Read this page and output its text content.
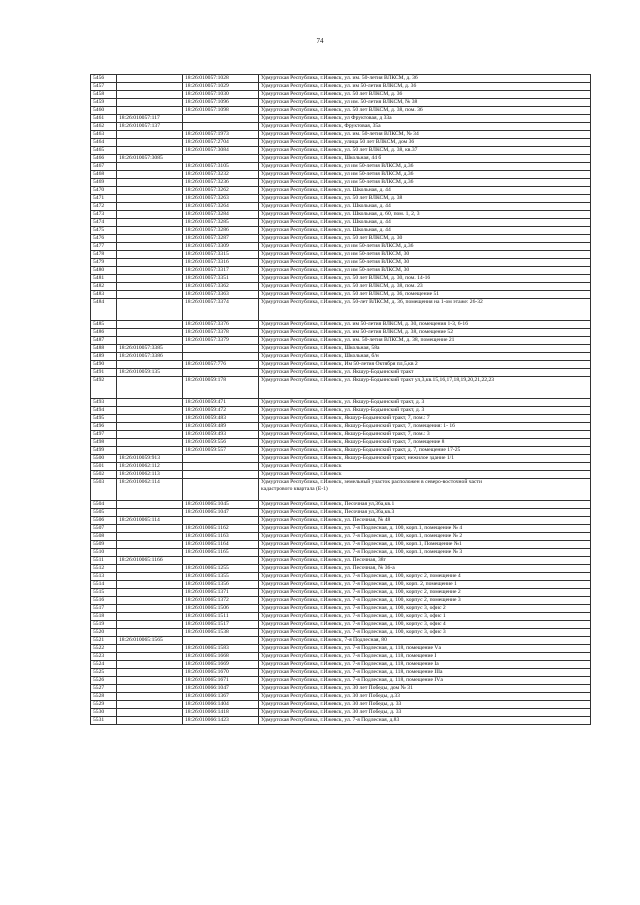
74
5456		18:26:010057:1028	Удмуртская Республика, г.Ижевск, ул. им. 50-летия ВЛКСМ, д. 36
5457		18:26:010057:1029	Удмуртская Республика, г.Ижевск, ул. им 50-летия ВЛКСМ, д. 36
5458		18:26:010057:1030	Удмуртская Республика, г.Ижевск, ул. 50 лет ВЛКСМ, д. 36
5459		18:26:010057:1096	Удмуртская Республика, г.Ижевск, ул им. 50-летия ВЛКСМ, № 38
5460		18:26:010057:1098	Удмуртская Республика, г.Ижевск, ул. 50 лет ВЛКСМ, д. 38, пом. 36
5461	18:26:010057:117		Удмуртская Республика, г.Ижевск, ул Фруктовая, д 33а
5462	18:26:010057:137		Удмуртская Республика, г.Ижевск, Фруктовая, 35а
5463		18:26:010057:1973	Удмуртская Республика, г.Ижевск, ул. им. 50-летия ВЛКСМ, № 34
5464		18:26:010057:2704	Удмуртская Республика, г.Ижевск, улица 50 лет ВЛКСМ, дом 36
5465		18:26:010057:3084	Удмуртская Республика, г.Ижевск, ул. 50 лет ВЛКСМ, д. 38, кв.37
5466	18:26:010057:3085		Удмуртская Республика, г.Ижевск, Школьная, 44 б
5467		18:26:010057:3105	Удмуртская Республика, г.Ижевск, ул им 50-летия ВЛКСМ, д.36
5468		18:26:010057:3232	Удмуртская Республика, г.Ижевск, ул им 50-летия ВЛКСМ, д.36
5469		18:26:010057:3236	Удмуртская Республика, г.Ижевск, ул им 50-летия ВЛКСМ, д.36
5470		18:26:010057:3262	Удмуртская Республика, г.Ижевск, ул. Школьная, д. 44
5471		18:26:010057:3263	Удмуртская Республика, г.Ижевск, ул. 50 лет ВЛКСМ, д. 38
5472		18:26:010057:3264	Удмуртская Республика, г.Ижевск, ул. Школьная, д. 44
5473		18:26:010057:3284	Удмуртская Республика, г.Ижевск, ул. Школьная, д. 60, пом. 1, 2, 3
5474		18:26:010057:3285	Удмуртская Республика, г.Ижевск, ул. Школьная, д. 44
5475		18:26:010057:3286	Удмуртская Республика, г.Ижевск, ул. Школьная, д. 44
5476		18:26:010057:3287	Удмуртская Республика, г.Ижевск, ул. 50 лет ВЛКСМ, д. 30
5477		18:26:010057:3309	Удмуртская Республика, г.Ижевск, ул им 50-летия ВЛКСМ, д.36
5478		18:26:010057:3315	Удмуртская Республика, г.Ижевск, ул им 50-летия ВЛКСМ, 30
5479		18:26:010057:3316	Удмуртская Республика, г.Ижевск, ул им 50-летия ВЛКСМ, 30
5480		18:26:010057:3317	Удмуртская Республика, г.Ижевск, ул им 50-летия ВЛКСМ, 30
5481		18:26:010057:3351	Удмуртская Республика, г.Ижевск, ул. 50 лет ВЛКСМ, д. 30, пом. 14-16
5482		18:26:010057:3362	Удмуртская Республика, г.Ижевск, ул. 50 лет ВЛКСМ, д. 38, пом. 23
5483		18:26:010057:3363	Удмуртская Республика, г.Ижевск, ул. 50 лет ВЛКСМ, д. 36, помещение 51
5484		18:26:010057:3374	Удмуртская Республика, г.Ижевск, ул. 50-лет ВЛКСМ, д. 36, помещения на 1-ом этаже: 26-32
5485		18:26:010057:3376	Удмуртская Республика, г.Ижевск, ул. им 50-летия ВЛКСМ, д. 30, помещения 1-3, 6-16
5486		18:26:010057:3378	Удмуртская Республика, г.Ижевск, ул. им 50-летия ВЛКСМ, д. 38, помещение 52
5487		18:26:010057:3379	Удмуртская Республика, г.Ижевск, ул. им. 50-летия ВЛКСМ, д. 38, помещение 21
5488	18:26:010057:3385		Удмуртская Республика, г.Ижевск, Школьная, 58а
5489	18:26:010057:3386		Удмуртская Республика, г.Ижевск, Школьная, б/н
5490		18:26:010057:776	Удмуртская Республика, г.Ижевск, Им 50-летия Октября пл,5,кв 2
5491	18:26:010059:135		Удмуртская Республика, г.Ижевск, ул. Якшур-Бодьинский тракт
5492		18:26:010059:178	Удмуртская Республика, г.Ижевск, ул. Якшур-Бодьинский тракт ул,3,кв.15,16,17,18,19,20,21,22,23
5493		18:26:010059:471	Удмуртская Республика, г.Ижевск, ул. Якшур-Бодьинский тракт, д. 3
5494		18:26:010059:472	Удмуртская Республика, г.Ижевск, ул. Якшур-Бодьинский тракт, д. 3
5495		18:26:010059:483	Удмуртская Республика, г.Ижевск, Якшур-Бодьинский тракт, 7, пом.: 7
5496		18:26:010059:489	Удмуртская Республика, г.Ижевск, Якшур-Бодьинский тракт, 7, помещения: 1- 16
5497		18:26:010059:493	Удмуртская Республика, г.Ижевск, Якшур-Бодьинский тракт, 7, пом.: 3
5498		18:26:010059:556	Удмуртская Республика, г.Ижевск, Якшур-Бодьинский тракт, 7, помещение 8
5499		18:26:010059:557	Удмуртская Республика, г.Ижевск, Якшур-Бодьинский тракт, д. 7, помещение 17-25
5500	18:26:010059:913		Удмуртская Республика, г.Ижевск, Якшур-Бодьинский тракт, нежилое здание 1/1
5501	18:26:010062:112		Удмуртская Республика, г.Ижевск
5502	18:26:010062:113		Удмуртская Республика, г.Ижевск
5503	18:26:010062:114		Удмуртская Республика, г.Ижевск, земельный участок расположен в северо-восточной части
кадастрового квартала (Е-1)

5504		18:26:010065:1045	Удмуртская Республика, г.Ижевск, Песочная ул,36а,кв.1
5505		18:26:010065:1047	Удмуртская Республика, г.Ижевск, Песочная ул,36а,кв.3
5506	18:26:010065:114		Удмуртская Республика, г.Ижевск, ул. Песочная, № 48
5507		18:26:010065:1162	Удмуртская Республика, г.Ижевск, ул. 7-я Подлесная, д. 100, корп.1, помещение № 4
5508		18:26:010065:1163	Удмуртская Республика, г.Ижевск, ул. 7-я Подлесная, д. 100, корп.1, помещение № 2
5509		18:26:010065:1164	Удмуртская Республика, г.Ижевск, ул. 7-я Подлесная, д. 100, корп.1, Помещение №1
5510		18:26:010065:1165	Удмуртская Республика, г.Ижевск, ул. 7-я Подлесная, д. 100, корп.1, помещение № 3
5511	18:26:010065:1166		Удмуртская Республика, г.Ижевск, ул. Песочная, 38г
5512		18:26:010065:1255	Удмуртская Республика, г.Ижевск, ул. Песочная, № 36-а
5513		18:26:010065:1355	Удмуртская Республика, г.Ижевск, ул. 7-я Подлесная, д. 100, корпус 2, помещение 4
5514		18:26:010065:1356	Удмуртская Республика, г.Ижевск, ул. 7-я Подлесная, д. 100, корп. 2, помещение 1
5515		18:26:010065:1371	Удмуртская Республика, г.Ижевск, ул. 7-я Подлесная, д. 100, корпус 2, помещение 2
5516		18:26:010065:1372	Удмуртская Республика, г.Ижевск, ул. 7-я Подлесная, д. 100, корпус 2, помещение 3
5517		18:26:010065:1506	Удмуртская Республика, г.Ижевск, ул. 7-я Подлесная, д. 100, корпус 3, офис 2
5518		18:26:010065:1511	Удмуртская Республика, г.Ижевск, ул. 7-я Подлесная, д. 100, корпус 3, офис 1
5519		18:26:010065:1517	Удмуртская Республика, г.Ижевск, ул. 7-я Подлесная, д. 100, корпус 3, офис 4
5520		18:26:010065:1538	Удмуртская Республика, г.Ижевск, ул. 7-я Подлесная, д. 100, корпус 3, офис 3
5521	18:26:010065:1565		Удмуртская Республика, г.Ижевск, 7-я Подлесная, 80
5522		18:26:010065:1583	Удмуртская Республика, г.Ижевск, ул. 7-я Подлесная, д. 118, помещение Vа
5523		18:26:010065:1668	Удмуртская Республика, г.Ижевск, ул. 7-я Подлесная, д. 118, помещение I
5524		18:26:010065:1669	Удмуртская Республика, г.Ижевск, ул. 7-я Подлесная, д. 118, помещение Iа
5525		18:26:010065:1670	Удмуртская Республика, г.Ижевск, ул. 7-я Подлесная, д. 118, помещение IIIа
5526		18:26:010065:1671	Удмуртская Республика, г.Ижевск, ул. 7-я Подлесная, д. 118, помещение IVа
5527		18:26:010066:1047	Удмуртская Республика, г.Ижевск, ул. 30 лет Победы, дом № 31
5528		18:26:010066:1367	Удмуртская Республика, г.Ижевск, ул. 30 лет Победы, д.33
5529		18:26:010066:1404	Удмуртская Республика, г.Ижевск, ул. 30 лет Победы, д. 33
5530		18:26:010066:1418	Удмуртская Республика, г.Ижевск, ул. 30 лет Победы, д. 33
5531		18:26:010066:1423	Удмуртская Республика, г.Ижевск, ул. 7-я Подлесная, д.83
